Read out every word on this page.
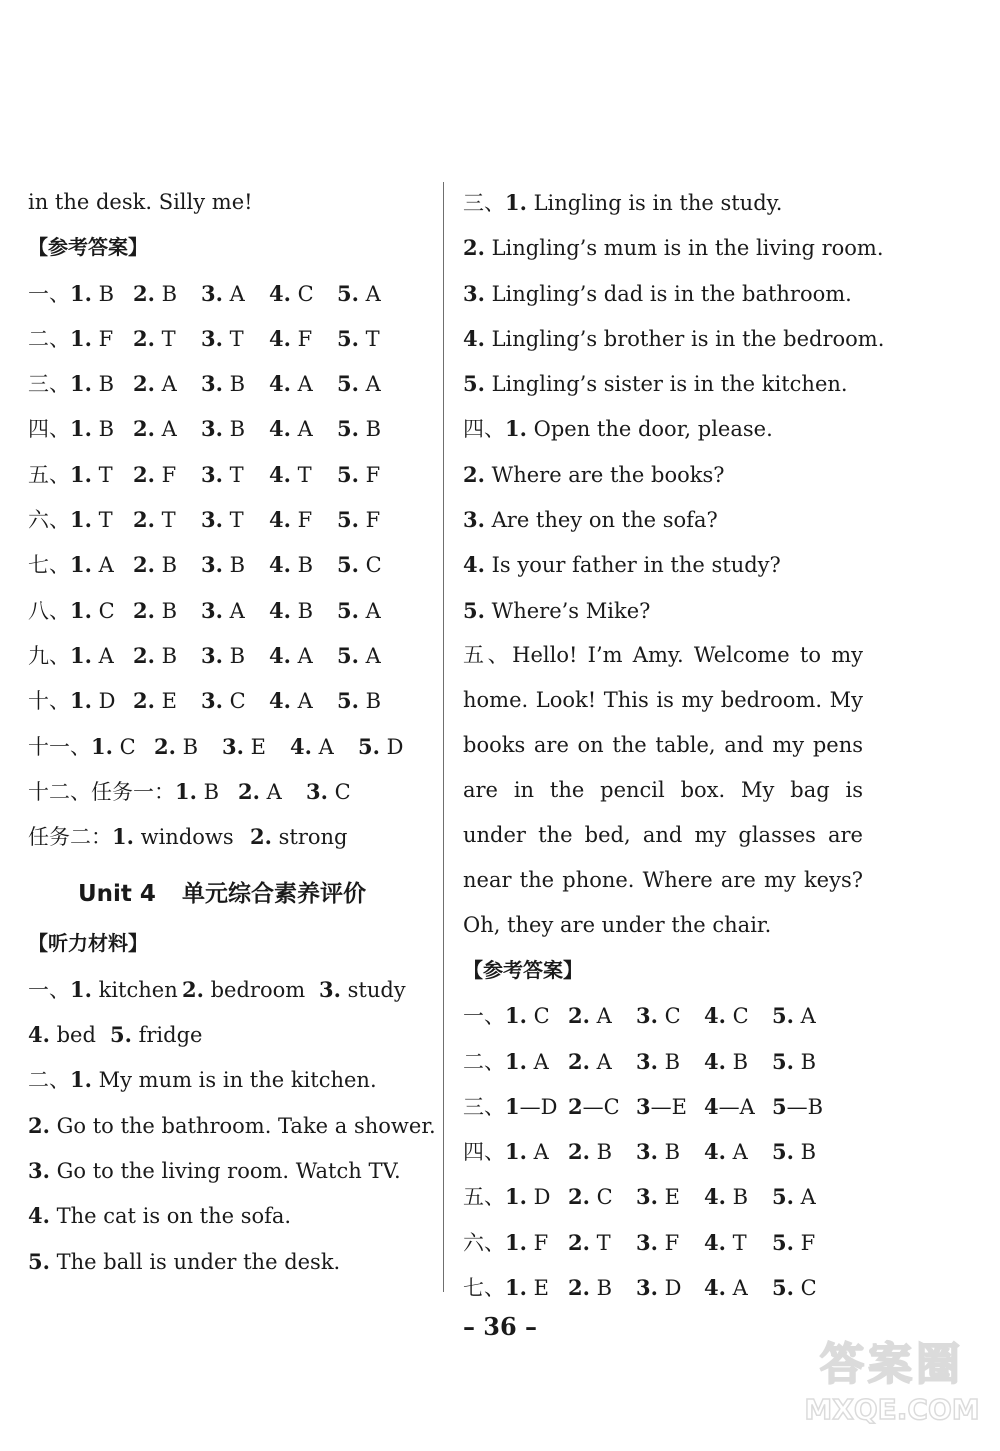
in the desk. Silly me!
【参考答案】
一、1. B 2. B 3. A 4. C 5. A
二、1. F 2. T 3. T 4. F 5. T
三、1. B 2. A 3. B 4. A 5. A
四、1. B 2. A 3. B 4. A 5. B
五、1. T 2. F 3. T 4. T 5. F
六、1. T 2. T 3. T 4. F 5. F
七、1. A 2. B 3. B 4. B 5. C
八、1. C 2. B 3. A 4. B 5. A
九、1. A 2. B 3. B 4. A 5. A
十、1. D 2. E 3. C 4. A 5. B
十一、1. C 2. B 3. E 4. A 5. D
十二、任务一：1. B 2. A 3. C
任务二：1. windows 2. strong
Unit 4 单元综合素养评价
【听力材料】
一、1. kitchen 2. bedroom 3. study
4. bed 5. fridge
二、1. My mum is in the kitchen.
2. Go to the bathroom. Take a shower.
3. Go to the living room. Watch TV.
4. The cat is on the sofa.
5. The ball is under the desk.
三、1. Lingling is in the study.
2. Lingling’s mum is in the living room.
3. Lingling’s dad is in the bathroom.
4. Lingling’s brother is in the bedroom.
5. Lingling’s sister is in the kitchen.
四、1. Open the door, please.
2. Where are the books?
3. Are they on the sofa?
4. Is your father in the study?
5. Where’s Mike?
五、Hello! I’m Amy. Welcome to my home. Look! This is my bedroom. My books are on the table, and my pens are in the pencil box. My bag is under the bed, and my glasses are near the phone. Where are my keys? Oh, they are under the chair.
【参考答案】
一、1. C 2. A 3. C 4. C 5. A
二、1. A 2. A 3. B 4. B 5. B
三、1—D 2—C 3—E 4—A 5—B
四、1. A 2. B 3. B 4. A 5. B
五、1. D 2. C 3. E 4. B 5. A
六、1. F 2. T 3. F 4. T 5. F
七、1. E 2. B 3. D 4. A 5. C
– 36 –
答案圈
MXQE.COM
